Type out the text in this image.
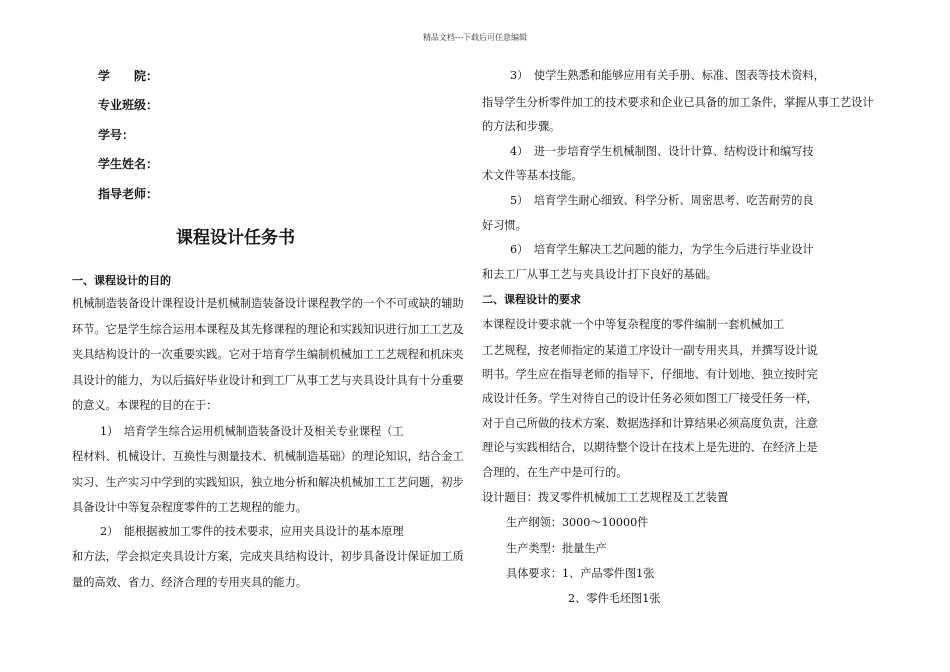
精品文档---下载后可任意编辑
学　　院：
专业班级：
学号：
学生姓名：
指导老师：
课程设计任务书
一、课程设计的目的
机械制造装备设计课程设计是机械制造装备设计课程教学的一个不可或缺的辅助
环节。它是学生综合运用本课程及其先修课程的理论和实践知识进行加工工艺及
夹具结构设计的一次重要实践。它对于培育学生编制机械加工工艺规程和机床夹
具设计的能力，为以后搞好毕业设计和到工厂从事工艺与夹具设计具有十分重要
的意义。本课程的目的在于：
1）　培育学生综合运用机械制造装备设计及相关专业课程（工
程材料、机械设计、互换性与测量技术、机械制造基础）的理论知识，结合金工
实习、生产实习中学到的实践知识，独立地分析和解决机械加工工艺问题，初步
具备设计中等复杂程度零件的工艺规程的能力。
2）　能根据被加工零件的技术要求，应用夹具设计的基本原理
和方法，学会拟定夹具设计方案，完成夹具结构设计，初步具备设计保证加工质
量的高效、省力、经济合理的专用夹具的能力。
3）　使学生熟悉和能够应用有关手册、标准、图表等技术资料，
指导学生分析零件加工的技术要求和企业已具备的加工条件，掌握从事工艺设计
的方法和步骤。
4）　进一步培育学生机械制图、设计计算、结构设计和编写技
术文件等基本技能。
5）　培育学生耐心细致、科学分析、周密思考、吃苦耐劳的良
好习惯。
6）　培育学生解决工艺问题的能力，为学生今后进行毕业设计
和去工厂从事工艺与夹具设计打下良好的基础。
二、课程设计的要求
本课程设计要求就一个中等复杂程度的零件编制一套机械加工
工艺规程，按老师指定的某道工序设计一副专用夹具，并撰写设计说
明书。学生应在指导老师的指导下，仔细地、有计划地、独立按时完
成设计任务。学生对待自己的设计任务必须如图工厂接受任务一样，
对于自己所做的技术方案、数据选择和计算结果必须高度负责，注意
理论与实践相结合，以期待整个设计在技术上是先进的、在经济上是
合理的、在生产中是可行的。
设计题目：拨叉零件机械加工工艺规程及工艺装置
生产纲领：3000～10000件
生产类型：批量生产
具体要求：1、产品零件图1张
2、零件毛坯图1张
